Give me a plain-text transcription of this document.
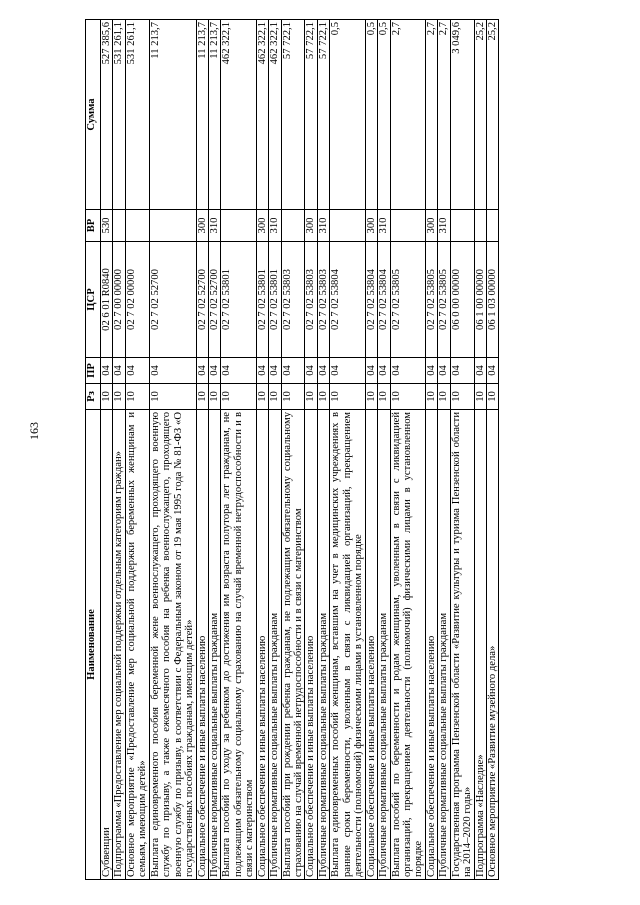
163
Наименование	Рз	ПР	ЦСР	ВР	Сумма
Субвенции	10	04	02 6 01 R0840	530	527 385,6
Подпрограмма «Предоставление мер социальной поддержки отдельным категориям граждан»	10	04	02 7 00 00000		531 261,1
Основное мероприятие «Предоставление мер социальной поддержки беременных женщинам и семьям, имеющим детей»	10	04	02 7 02 00000		531 261,1
Выплата единовременного пособия беременной жене военнослужащего, проходящего военную службу по призыву, а также ежемесячного пособия на ребенка военнослужащего, проходящего военную службу по призыву, в соответствии с Федеральным законом от 19 мая 1995 года № 81-ФЗ «О государственных пособиях гражданам, имеющим детей»	10	04	02 7 02 52700		11 213,7
Социальное обеспечение и иные выплаты населению	10	04	02 7 02 52700	300	11 213,7
Публичные нормативные социальные выплаты гражданам	10	04	02 7 02 52700	310	11 213,7
Выплата пособий по уходу за ребенком до достижения им возраста полутора лет гражданам, не подлежащим обязательному социальному страхованию на случай временной нетрудоспособности и в связи с материнством	10	04	02 7 02 53801		462 322,1
Социальное обеспечение и иные выплаты населению	10	04	02 7 02 53801	300	462 322,1
Публичные нормативные социальные выплаты гражданам	10	04	02 7 02 53801	310	462 322,1
Выплата пособий при рождении ребенка гражданам, не подлежащим обязательному социальному страхованию на случай временной нетрудоспособности и в связи с материнством	10	04	02 7 02 53803		57 722,1
Социальное обеспечение и иные выплаты населению	10	04	02 7 02 53803	300	57 722,1
Публичные нормативные социальные выплаты гражданам	10	04	02 7 02 53803	310	57 722,1
Выплата единовременных пособий женщинам, вставшим на учет в медицинских учреждениях в ранние сроки беременности, уволенным в связи с ликвидацией организаций, прекращением деятельности (полномочий) физическими лицами в установленном порядке	10	04	02 7 02 53804		0,5
Социальное обеспечение и иные выплаты населению	10	04	02 7 02 53804	300	0,5
Публичные нормативные социальные выплаты гражданам	10	04	02 7 02 53804	310	0,5
Выплата пособий по беременности и родам женщинам, уволенным в связи с ликвидацией организаций, прекращением деятельности (полномочий) физическими лицами в установленном порядке	10	04	02 7 02 53805		2,7
Социальное обеспечение и иные выплаты населению	10	04	02 7 02 53805	300	2,7
Публичные нормативные социальные выплаты гражданам	10	04	02 7 02 53805	310	2,7
Государственная программа Пензенской области «Развитие культуры и туризма Пензенской области на 2014–2020 годы»	10	04	06 0 00 00000		3 049,6
Подпрограмма «Наследие»	10	04	06 1 00 00000		25,2
Основное мероприятие «Развитие музейного дела»	10	04	06 1 03 00000		25,2
